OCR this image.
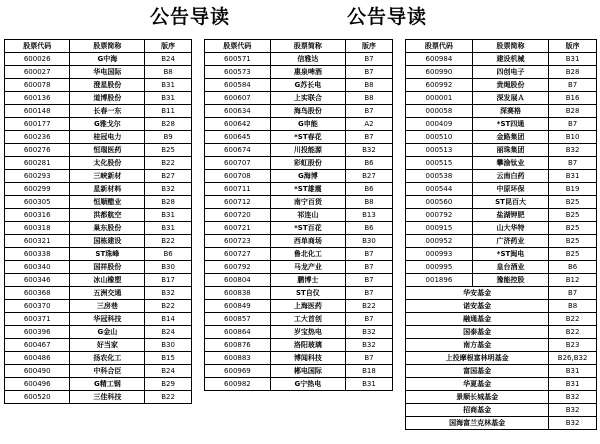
公告导读	公告导读
股票代码	股票简称	版序
600026	G中海	B24
600027	华电国际	B8
600078	澄星股份	B31
600136	道博股份	B31
600148	长春一东	B11
600177	G雅戈尔	B28
600236	桂冠电力	B9
600276	恒瑞医药	B25
600281	太化股份	B22
600293	三峡新材	B27
600299	星新材料	B32
600305	恒顺醋业	B28
600316	洪都航空	B31
600318	巢东股份	B31
600321	国栋建设	B22
600338	ST珠峰	B6
600340	国祥股份	B30
600346	冰山橡塑	B17
600368	五洲交通	B32
600370	三房巷	B22
600371	华冠科技	B14
600396	G金山	B24
600467	好当家	B30
600486	扬农化工	B15
600490	中科合臣	B24
600496	G精工钢	B29
600520	三佳科技	B22
股票代码	股票简称	版序
600571	信雅达	B7
600573	惠泉啤酒	B7
600584	G苏长电	B8
600607	上实联合	B8
600634	海鸟股份	B7
600642	G申能	A2
600645	*ST春花	B7
600674	川投能源	B32
600707	彩虹股份	B6
600708	G海博	B27
600711	*ST雄震	B6
600712	南宁百货	B8
600720	祁连山	B13
600721	*ST百花	B6
600723	西单商场	B30
600727	鲁北化工	B7
600792	马龙产业	B7
600804	鹏博士	B7
600838	ST自仪	B7
600849	上海医药	B22
600857	工大首创	B7
600864	岁宝热电	B32
600876	洛阳玻璃	B32
600883	博闻科技	B7
600969	郴电国际	B18
600982	G宁热电	B31
股票代码	股票简称	版序
600984	建设机械	B31
600990	四创电子	B28
600992	贵绳股份	B7
000001	深发展Ａ	B16
000058	深赛格	B28
000409	*ST四通	B7
000510	金路集团	B10
000513	丽珠集团	B32
000515	攀渝钛业	B7
000538	云南白药	B31
000544	中原环保	B19
000560	ST昆百大	B25
000792	盐湖钾肥	B25
000915	山大华特	B25
000952	广济药业	B25
000993	*ST闽电	B25
000995	皇台酒业	B6
001896	豫能控股	B12
华安基金		B7
诺安基金		B8
融通基金		B22
国泰基金		B22
南方基金		B23
上投摩根富林明基金		B26,B32
富国基金		B31
华夏基金		B31
景顺长城基金		B32
招商基金		B32
国海富兰克林基金		B32
